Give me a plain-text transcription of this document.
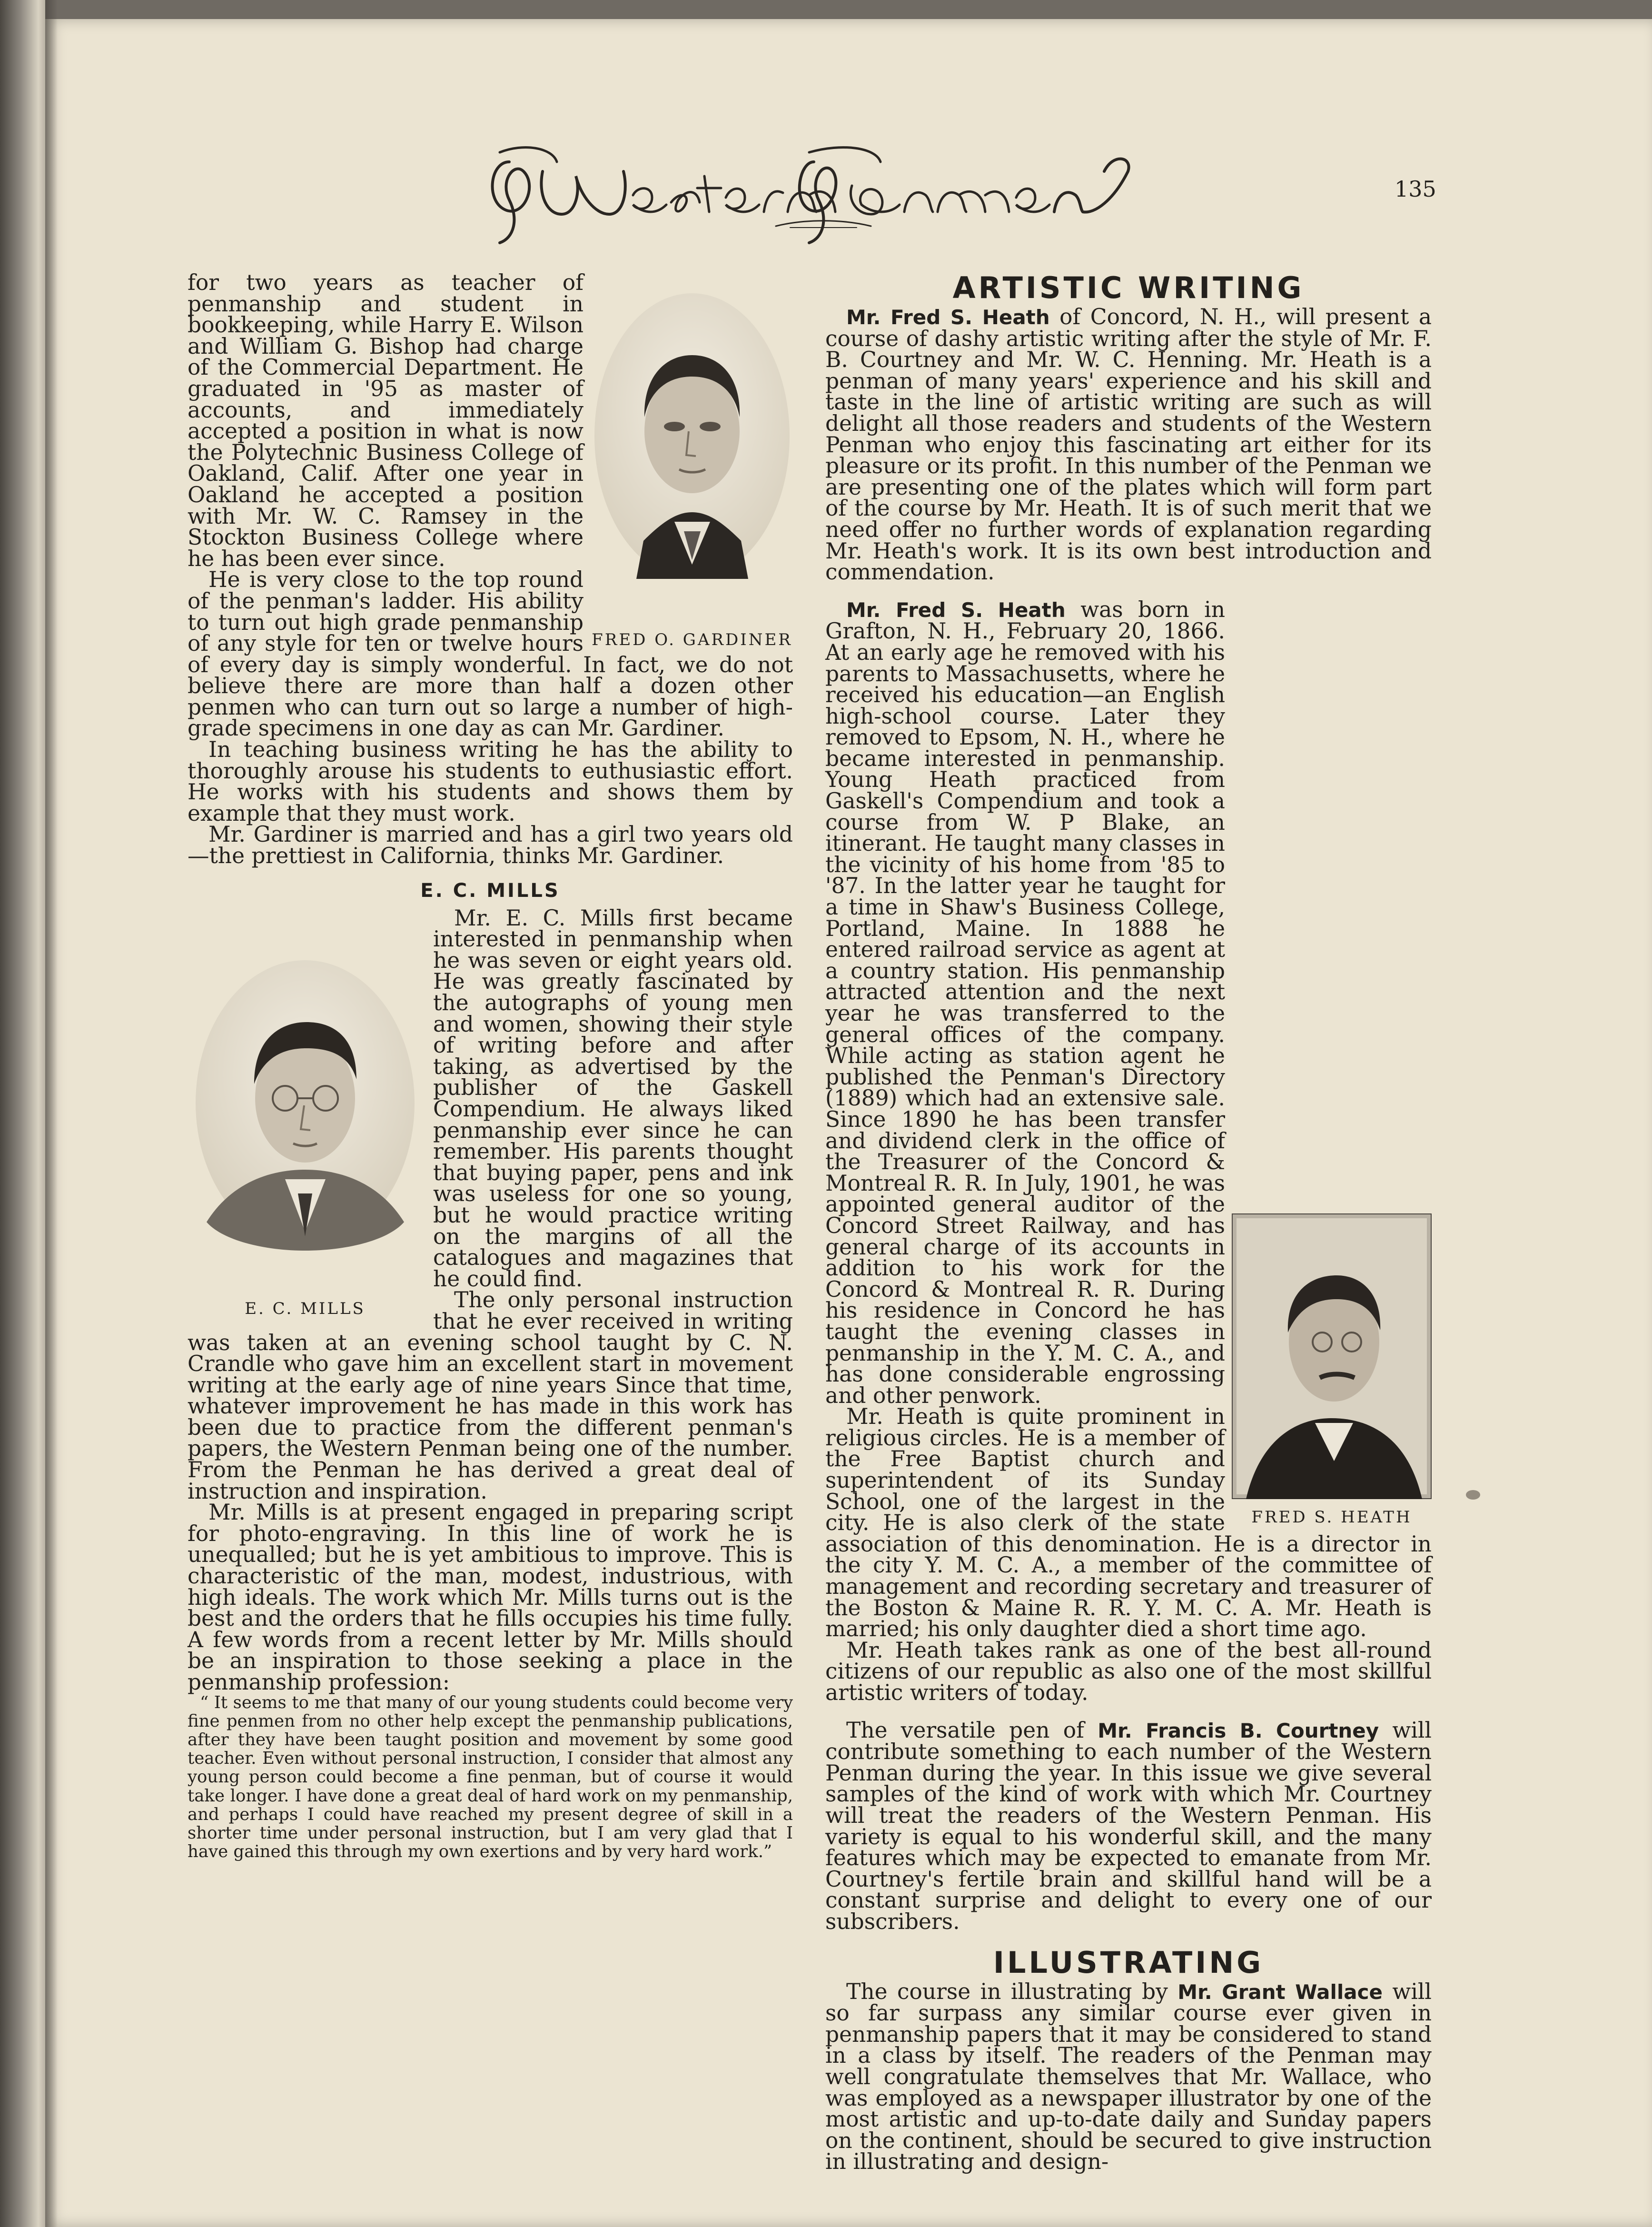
135
FRED O. GARDINER

for two years as teacher of penmanship and student in bookkeeping, while Harry E. Wilson and William G. Bishop had charge of the Commercial Department. He graduated in '95 as master of accounts, and immediately accepted a position in what is now the Polytechnic Business College of Oakland, Calif. After one year in Oakland he accepted a position with Mr. W. C. Ramsey in the Stockton Business College where he has been ever since.

He is very close to the top round of the penman's ladder. His ability to turn out high grade penmanship of any style for ten or twelve hours of every day is simply wonderful. In fact, we do not believe there are more than half a dozen other penmen who can turn out so large a number of high-grade specimens in one day as can Mr. Gardiner.

In teaching business writing he has the ability to thoroughly arouse his students to euthusiastic effort. He works with his students and shows them by example that they must work.

Mr. Gardiner is married and has a girl two years old—the prettiest in California, thinks Mr. Gardiner.

E. C. MILLS
E. C. MILLS

Mr. E. C. Mills first became interested in penmanship when he was seven or eight years old. He was greatly fascinated by the autographs of young men and women, showing their style of writing before and after taking, as advertised by the publisher of the Gaskell Compendium. He always liked penmanship ever since he can remember. His parents thought that buying paper, pens and ink was useless for one so young, but he would practice writing on the margins of all the catalogues and magazines that he could find.

The only personal instruction that he ever received in writing was taken at an evening school taught by C. N. Crandle who gave him an excellent start in movement writing at the early age of nine years Since that time, whatever improvement he has made in this work has been due to practice from the different penman's papers, the Western Penman being one of the number. From the Penman he has derived a great deal of instruction and inspiration.

Mr. Mills is at present engaged in preparing script for photo-engraving. In this line of work he is unequalled; but he is yet ambitious to improve. This is characteristic of the man, modest, industrious, with high ideals. The work which Mr. Mills turns out is the best and the orders that he fills occupies his time fully. A few words from a recent letter by Mr. Mills should be an inspiration to those seeking a place in the penmanship profession:

“ It seems to me that many of our young students could become very fine penmen from no other help except the penmanship publications, after they have been taught position and movement by some good teacher. Even without personal instruction, I consider that almost any young person could become a fine penman, but of course it would take longer. I have done a great deal of hard work on my penmanship, and perhaps I could have reached my present degree of skill in a shorter time under personal instruction, but I am very glad that I have gained this through my own exertions and by very hard work.”

ARTISTIC WRITING

Mr. Fred S. Heath of Concord, N. H., will present a course of dashy artistic writing after the style of Mr. F. B. Courtney and Mr. W. C. Henning. Mr. Heath is a penman of many years' experience and his skill and taste in the line of artistic writing are such as will delight all those readers and students of the Western Penman who enjoy this fascinating art either for its pleasure or its profit. In this number of the Penman we are presenting one of the plates which will form part of the course by Mr. Heath. It is of such merit that we need offer no further words of explanation regarding Mr. Heath's work. It is its own best introduction and commendation.

FRED S. HEATH

Mr. Fred S. Heath was born in Grafton, N. H., February 20, 1866. At an early age he removed with his parents to Massachusetts, where he received his education—an English high-school course. Later they removed to Epsom, N. H., where he became interested in penmanship. Young Heath practiced from Gaskell's Compendium and took a course from W. P Blake, an itinerant. He taught many classes in the vicinity of his home from '85 to '87. In the latter year he taught for a time in Shaw's Business College, Portland, Maine. In 1888 he entered railroad service as agent at a country station. His penmanship attracted attention and the next year he was transferred to the general offices of the company. While acting as station agent he published the Penman's Directory (1889) which had an extensive sale. Since 1890 he has been transfer and dividend clerk in the office of the Treasurer of the Concord & Montreal R. R. In July, 1901, he was appointed general auditor of the Concord Street Railway, and has general charge of its accounts in addition to his work for the Concord & Montreal R. R. During his residence in Concord he has taught the evening classes in penmanship in the Y. M. C. A., and has done considerable engrossing and other penwork.

Mr. Heath is quite prominent in religious circles. He is a member of the Free Baptist church and superintendent of its Sunday School, one of the largest in the city. He is also clerk of the state association of this denomination. He is a director in the city Y. M. C. A., a member of the committee of management and recording secretary and treasurer of the Boston & Maine R. R. Y. M. C. A. Mr. Heath is married; his only daughter died a short time ago.

Mr. Heath takes rank as one of the best all-round citizens of our republic as also one of the most skillful artistic writers of today.

The versatile pen of Mr. Francis B. Courtney will contribute something to each number of the Western Penman during the year. In this issue we give several samples of the kind of work with which Mr. Courtney will treat the readers of the Western Penman. His variety is equal to his wonderful skill, and the many features which may be expected to emanate from Mr. Courtney's fertile brain and skillful hand will be a constant surprise and delight to every one of our subscribers.

ILLUSTRATING

The course in illustrating by Mr. Grant Wallace will so far surpass any similar course ever given in penmanship papers that it may be considered to stand in a class by itself. The readers of the Penman may well congratulate themselves that Mr. Wallace, who was employed as a newspaper illustrator by one of the most artistic and up-to-date daily and Sunday papers on the continent, should be secured to give instruction in illustrating and design-
